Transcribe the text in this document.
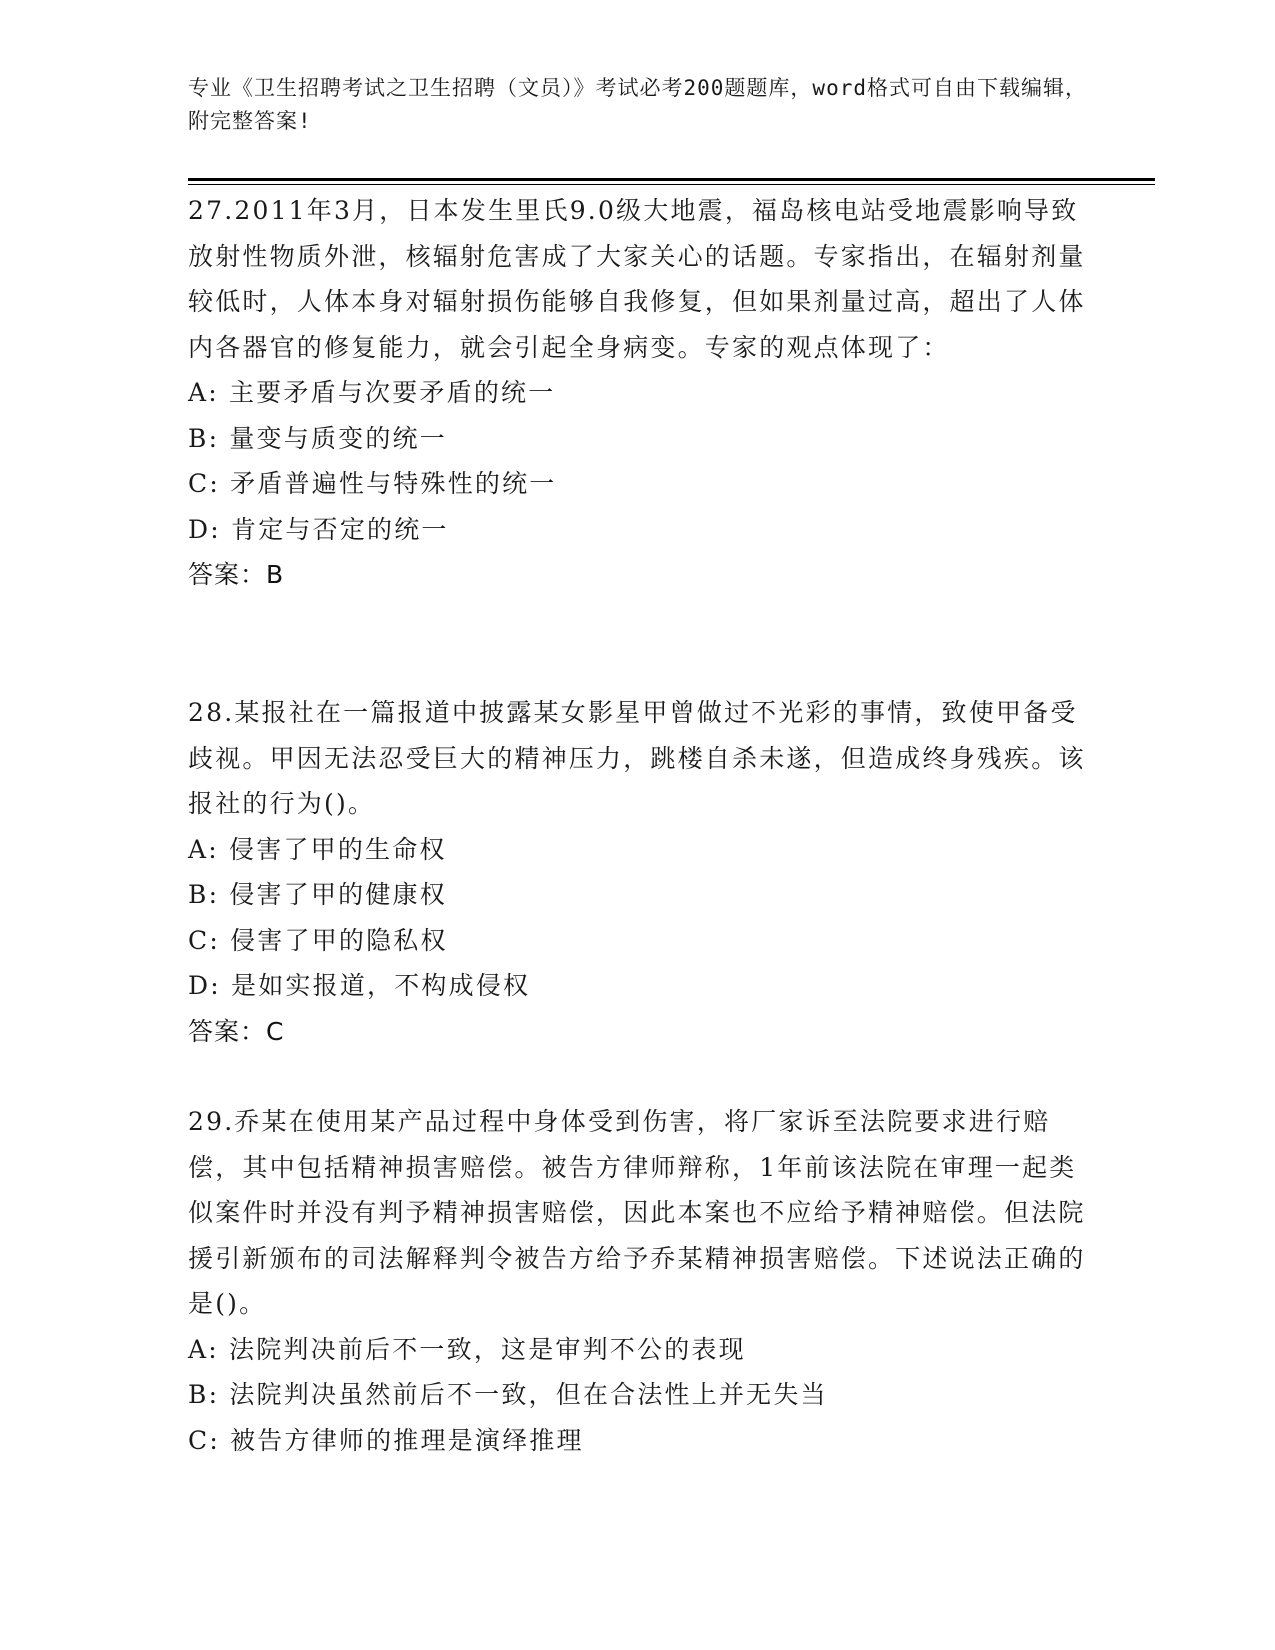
专业《卫生招聘考试之卫生招聘（文员）》考试必考200题题库，word格式可自由下载编辑，附完整答案!

27.2011年3月，日本发生里氏9.0级大地震，福岛核电站受地震影响导致放射性物质外泄，核辐射危害成了大家关心的话题。专家指出，在辐射剂量较低时，人体本身对辐射损伤能够自我修复，但如果剂量过高，超出了人体内各器官的修复能力，就会引起全身病变。专家的观点体现了：

A: 主要矛盾与次要矛盾的统一

B: 量变与质变的统一

C: 矛盾普遍性与特殊性的统一

D: 肯定与否定的统一

答案：B

28.某报社在一篇报道中披露某女影星甲曾做过不光彩的事情，致使甲备受歧视。甲因无法忍受巨大的精神压力，跳楼自杀未遂，但造成终身残疾。该报社的行为()。

A: 侵害了甲的生命权

B: 侵害了甲的健康权

C: 侵害了甲的隐私权

D: 是如实报道，不构成侵权

答案：C

29.乔某在使用某产品过程中身体受到伤害，将厂家诉至法院要求进行赔偿，其中包括精神损害赔偿。被告方律师辩称，1年前该法院在审理一起类似案件时并没有判予精神损害赔偿，因此本案也不应给予精神赔偿。但法院援引新颁布的司法解释判令被告方给予乔某精神损害赔偿。下述说法正确的是()。

A: 法院判决前后不一致，这是审判不公的表现

B: 法院判决虽然前后不一致，但在合法性上并无失当

C: 被告方律师的推理是演绎推理
